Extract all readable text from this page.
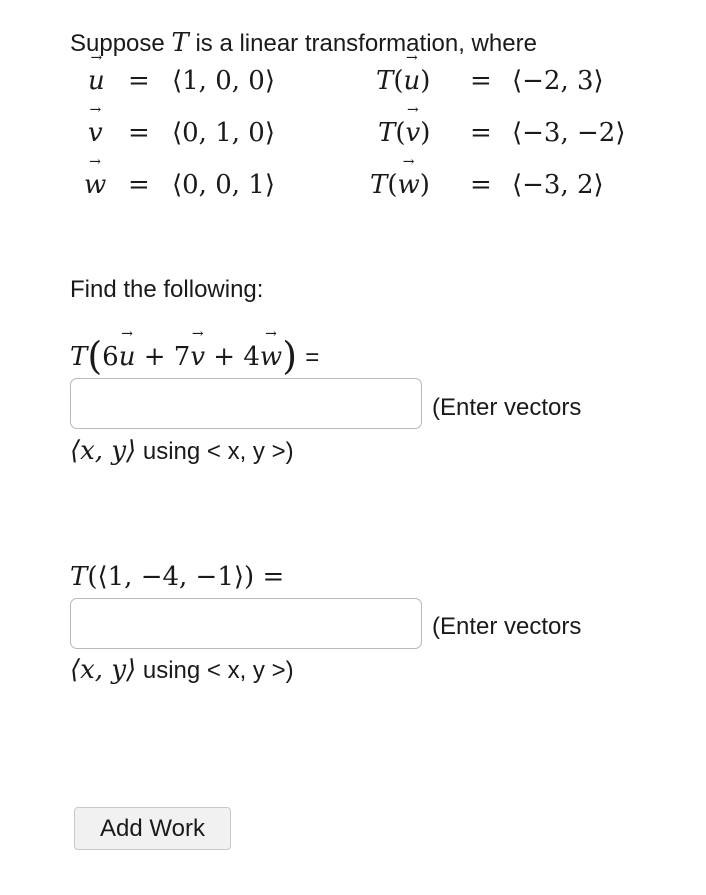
Suppose T is a linear transformation, where
→ u = ⟨1, 0, 0⟩	T(→ u) = ⟨−2, 3⟩
→ v = ⟨0, 1, 0⟩	T(→ v) = ⟨−3, −2⟩
→ w = ⟨0, 0, 1⟩	T(→ w) = ⟨−3, 2⟩
Find the following:
T(6→ u + 7→ v + 4→ w) =
(Enter vectors
⟨x, y⟩ using < x, y >)
T(⟨1, −4, −1⟩) =
(Enter vectors
⟨x, y⟩ using < x, y >)
Add Work
